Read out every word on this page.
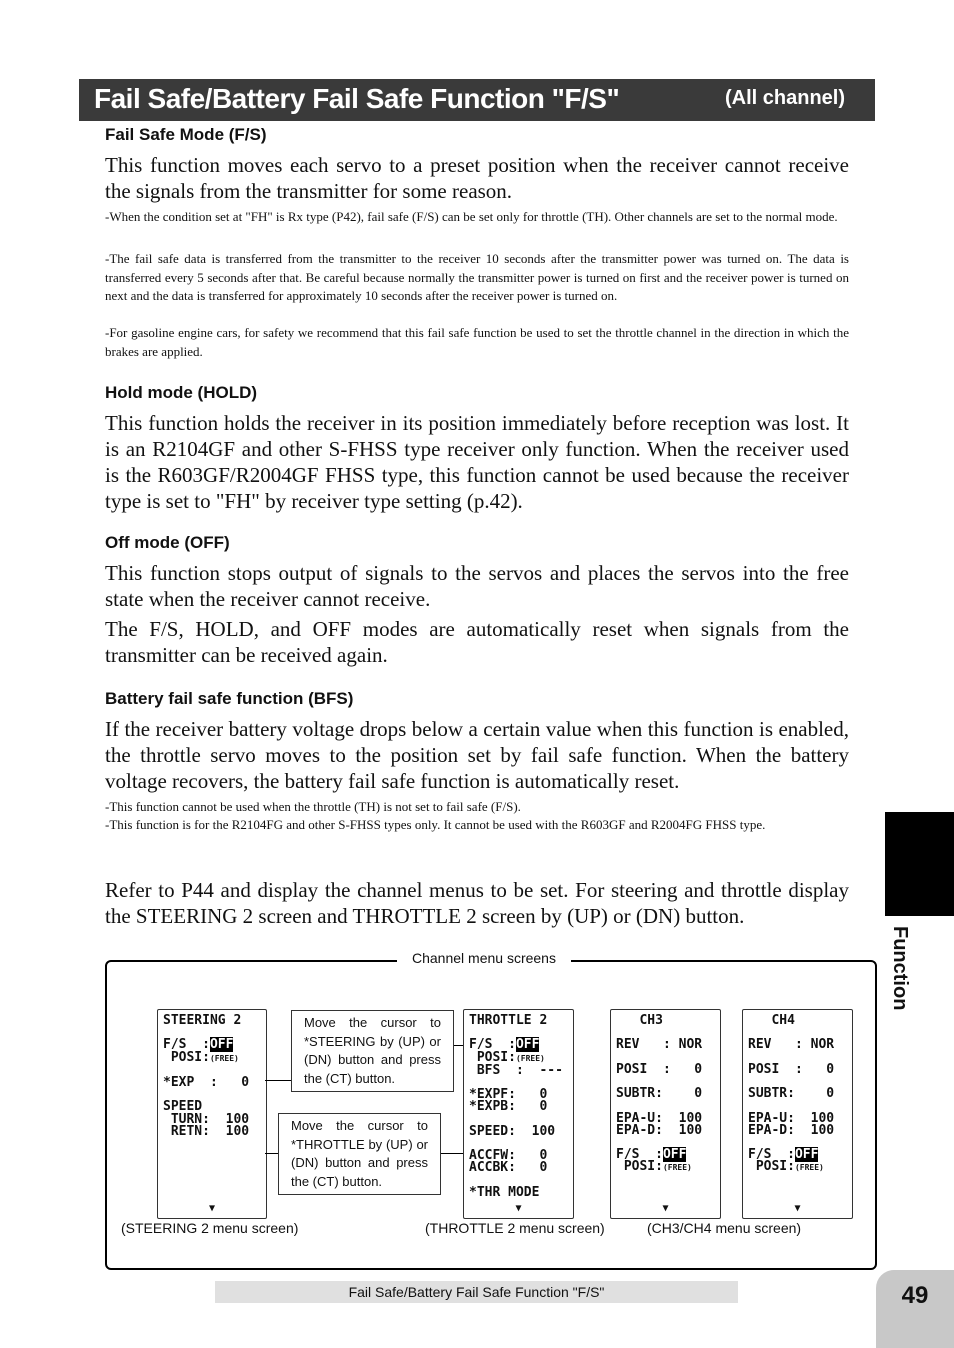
Fail Safe/Battery Fail Safe Function "F/S"	(All channel)
Fail Safe Mode (F/S)
This function moves each servo to a preset position when the receiver cannot receive the signals from the transmitter for some reason.
-When the condition set at "FH" is Rx type (P42), fail safe (F/S) can be set only for throttle (TH). Other channels are set to the normal mode.
-The fail safe data is transferred from the transmitter to the receiver 10 seconds after the transmitter power was turned on. The data is transferred every 5 seconds after that. Be careful because normally the transmitter power is turned on first and the receiver power is turned on next and the data is transferred for approximately 10 seconds after the receiver power is turned on.
-For gasoline engine cars, for safety we recommend that this fail safe function be used to set the throttle channel in the direction in which the brakes are applied.
Hold mode (HOLD)
This function holds the receiver in its position immediately before reception was lost. It is an R2104GF and other S-FHSS type receiver only function. When the receiver used is the R603GF/R2004GF FHSS type, this function cannot be used because the receiver type is set to "FH" by receiver type setting (p.42).
Off mode (OFF)
This function stops output of signals to the servos and places the servos into the free state when the receiver cannot receive.
The F/S, HOLD, and OFF modes are automatically reset when signals from the transmitter can be received again.
Battery fail safe function (BFS)
If the receiver battery voltage drops below a certain value when this function is enabled, the throttle servo moves to the position set by fail safe function. When the battery voltage recovers, the battery fail safe function is automatically reset.
-This function cannot be used when the throttle (TH) is not set to fail safe (F/S).
-This function is for the R2104FG and other S-FHSS types only. It cannot be used with the R603GF and R2004FG FHSS type.
Refer to P44 and display the channel menus to be set. For steering and throttle display the STEERING 2 screen and THROTTLE 2 screen by (UP) or (DN) button.
Function
Channel menu screens
STEERING 2

F/S  :OFF
POSI:(FREE)

*EXP  :   0

SPEED
TURN:  100
RETN:  100
▼
THROTTLE 2

F/S  :OFF
POSI:(FREE)
BFS  :  ---

*EXPF:   0
*EXPB:   0

SPEED:  100

ACCFW:   0
ACCBK:   0

*THR MODE
▼
CH3

REV   : NOR

POSI  :   0

SUBTR:    0

EPA-U:  100
EPA-D:  100

F/S  :OFF
POSI:(FREE)
▼
CH4

REV   : NOR

POSI  :   0

SUBTR:    0

EPA-U:  100
EPA-D:  100

F/S  :OFF
POSI:(FREE)
▼
Move the cursor to *STEERING by (UP) or (DN) button and press the (CT) button.
Move the cursor to *THROTTLE by (UP) or (DN) button and press the (CT) button.
(STEERING 2 menu screen)	(THROTTLE 2 menu screen)	(CH3/CH4 menu screen)
Fail Safe/Battery Fail Safe Function "F/S"	49
